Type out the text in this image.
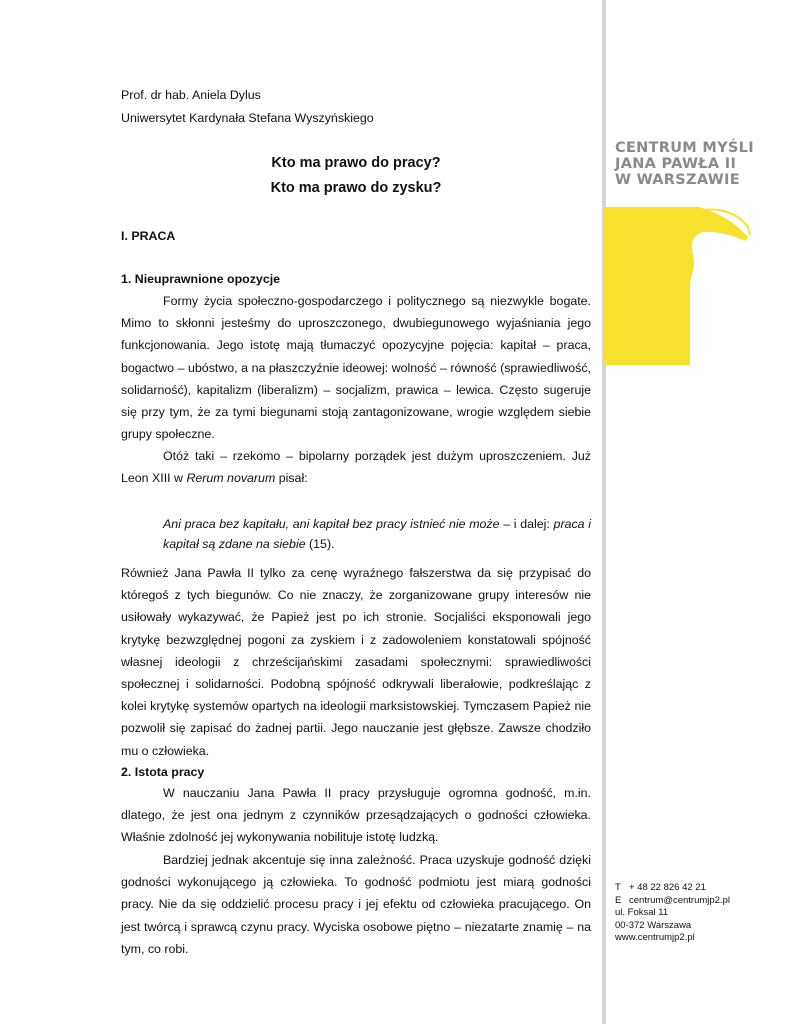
CENTRUM MYŚLI
JANA PAWŁA II
W WARSZAWIE
T + 48 22 826 42 21
E centrum@centrumjp2.pl
ul. Foksal 11
00-372 Warszawa
www.centrumjp2.pl
Prof. dr hab. Aniela Dylus
Uniwersytet Kardynała Stefana Wyszyńskiego
Kto ma prawo do pracy?
Kto ma prawo do zysku?
I. PRACA
1. Nieuprawnione opozycje
Formy życia społeczno-gospodarczego i politycznego są niezwykle bogate. Mimo to skłonni jesteśmy do uproszczonego, dwubiegunowego wyjaśniania jego funkcjonowania. Jego istotę mają tłumaczyć opozycyjne pojęcia: kapitał – praca, bogactwo – ubóstwo, a na płaszczyźnie ideowej: wolność – równość (sprawiedliwość, solidarność), kapitalizm (liberalizm) – socjalizm, prawica – lewica. Często sugeruje się przy tym, że za tymi biegunami stoją zantagonizowane, wrogie względem siebie grupy społeczne.
Otóż taki – rzekomo – bipolarny porządek jest dużym uproszczeniem. Już Leon XIII w Rerum novarum pisał:
Ani praca bez kapitału, ani kapitał bez pracy istnieć nie może – i dalej: praca i kapitał są zdane na siebie (15).
Również Jana Pawła II tylko za cenę wyraźnego fałszerstwa da się przypisać do któregoś z tych biegunów. Co nie znaczy, że zorganizowane grupy interesów nie usiłowały wykazywać, że Papież jest po ich stronie. Socjaliści eksponowali jego krytykę bezwzględnej pogoni za zyskiem i z zadowoleniem konstatowali spójność własnej ideologii z chrześcijańskimi zasadami społecznymi: sprawiedliwości społecznej i solidarności. Podobną spójność odkrywali liberałowie, podkreślając z kolei krytykę systemów opartych na ideologii marksistowskiej. Tymczasem Papież nie pozwolił się zapisać do żadnej partii. Jego nauczanie jest głębsze. Zawsze chodziło mu o człowieka.
2. Istota pracy
W nauczaniu Jana Pawła II pracy przysługuje ogromna godność, m.in. dlatego, że jest ona jednym z czynników przesądzających o godności człowieka. Właśnie zdolność jej wykonywania nobilituje istotę ludzką.
Bardziej jednak akcentuje się inna zależność. Praca uzyskuje godność dzięki godności wykonującego ją człowieka. To godność podmiotu jest miarą godności pracy. Nie da się oddzielić procesu pracy i jej efektu od człowieka pracującego. On jest twórcą i sprawcą czynu pracy. Wyciska osobowe piętno – niezatarte znamię – na tym, co robi.
